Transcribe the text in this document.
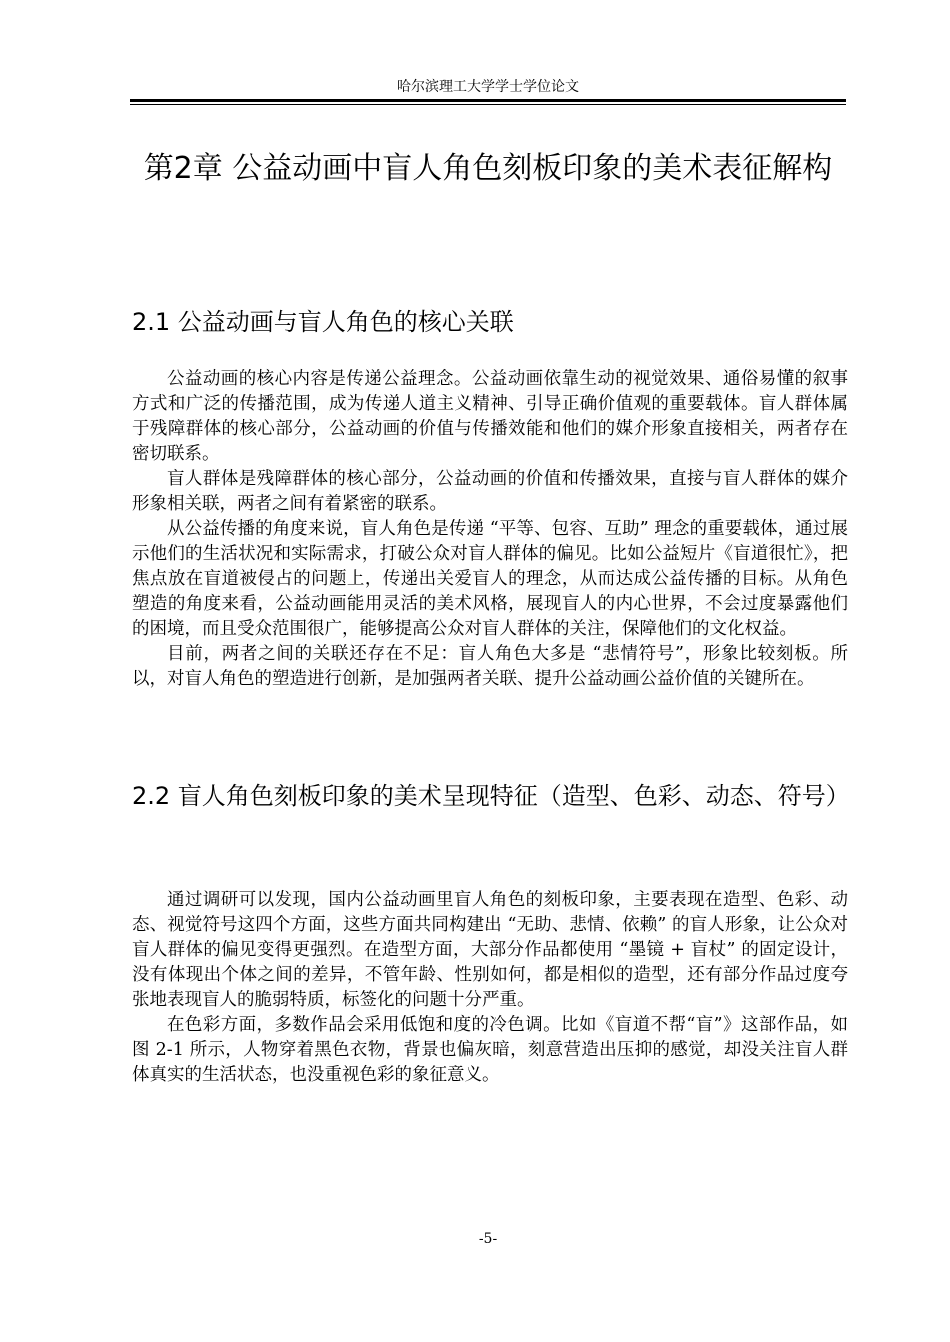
哈尔滨理工大学学士学位论文
第2章 公益动画中盲人角色刻板印象的美术表征解构
2.1 公益动画与盲人角色的核心关联

公益动画的核心内容是传递公益理念。公益动画依靠生动的视觉效果、通俗易懂的叙事方式和广泛的传播范围，成为传递人道主义精神、引导正确价值观的重要载体。盲人群体属于残障群体的核心部分，公益动画的价值与传播效能和他们的媒介形象直接相关，两者存在密切联系。

盲人群体是残障群体的核心部分，公益动画的价值和传播效果，直接与盲人群体的媒介形象相关联，两者之间有着紧密的联系。

从公益传播的角度来说，盲人角色是传递 “平等、包容、互助” 理念的重要载体，通过展示他们的生活状况和实际需求，打破公众对盲人群体的偏见。比如公益短片《盲道很忙》，把焦点放在盲道被侵占的问题上，传递出关爱盲人的理念，从而达成公益传播的目标。从角色塑造的角度来看，公益动画能用灵活的美术风格，展现盲人的内心世界，不会过度暴露他们的困境，而且受众范围很广，能够提高公众对盲人群体的关注，保障他们的文化权益。

目前，两者之间的关联还存在不足：盲人角色大多是 “悲情符号”，形象比较刻板。所以，对盲人角色的塑造进行创新，是加强两者关联、提升公益动画公益价值的关键所在。

2.2 盲人角色刻板印象的美术呈现特征（造型、色彩、动态、符号）

通过调研可以发现，国内公益动画里盲人角色的刻板印象，主要表现在造型、色彩、动态、视觉符号这四个方面，这些方面共同构建出 “无助、悲情、依赖” 的盲人形象，让公众对盲人群体的偏见变得更强烈。在造型方面，大部分作品都使用 “墨镜 + 盲杖” 的固定设计，没有体现出个体之间的差异，不管年龄、性别如何，都是相似的造型，还有部分作品过度夸张地表现盲人的脆弱特质，标签化的问题十分严重。

在色彩方面，多数作品会采用低饱和度的冷色调。比如《盲道不帮“盲”》这部作品，如图 2-1 所示，人物穿着黑色衣物，背景也偏灰暗，刻意营造出压抑的感觉，却没关注盲人群体真实的生活状态，也没重视色彩的象征意义。

-5-
